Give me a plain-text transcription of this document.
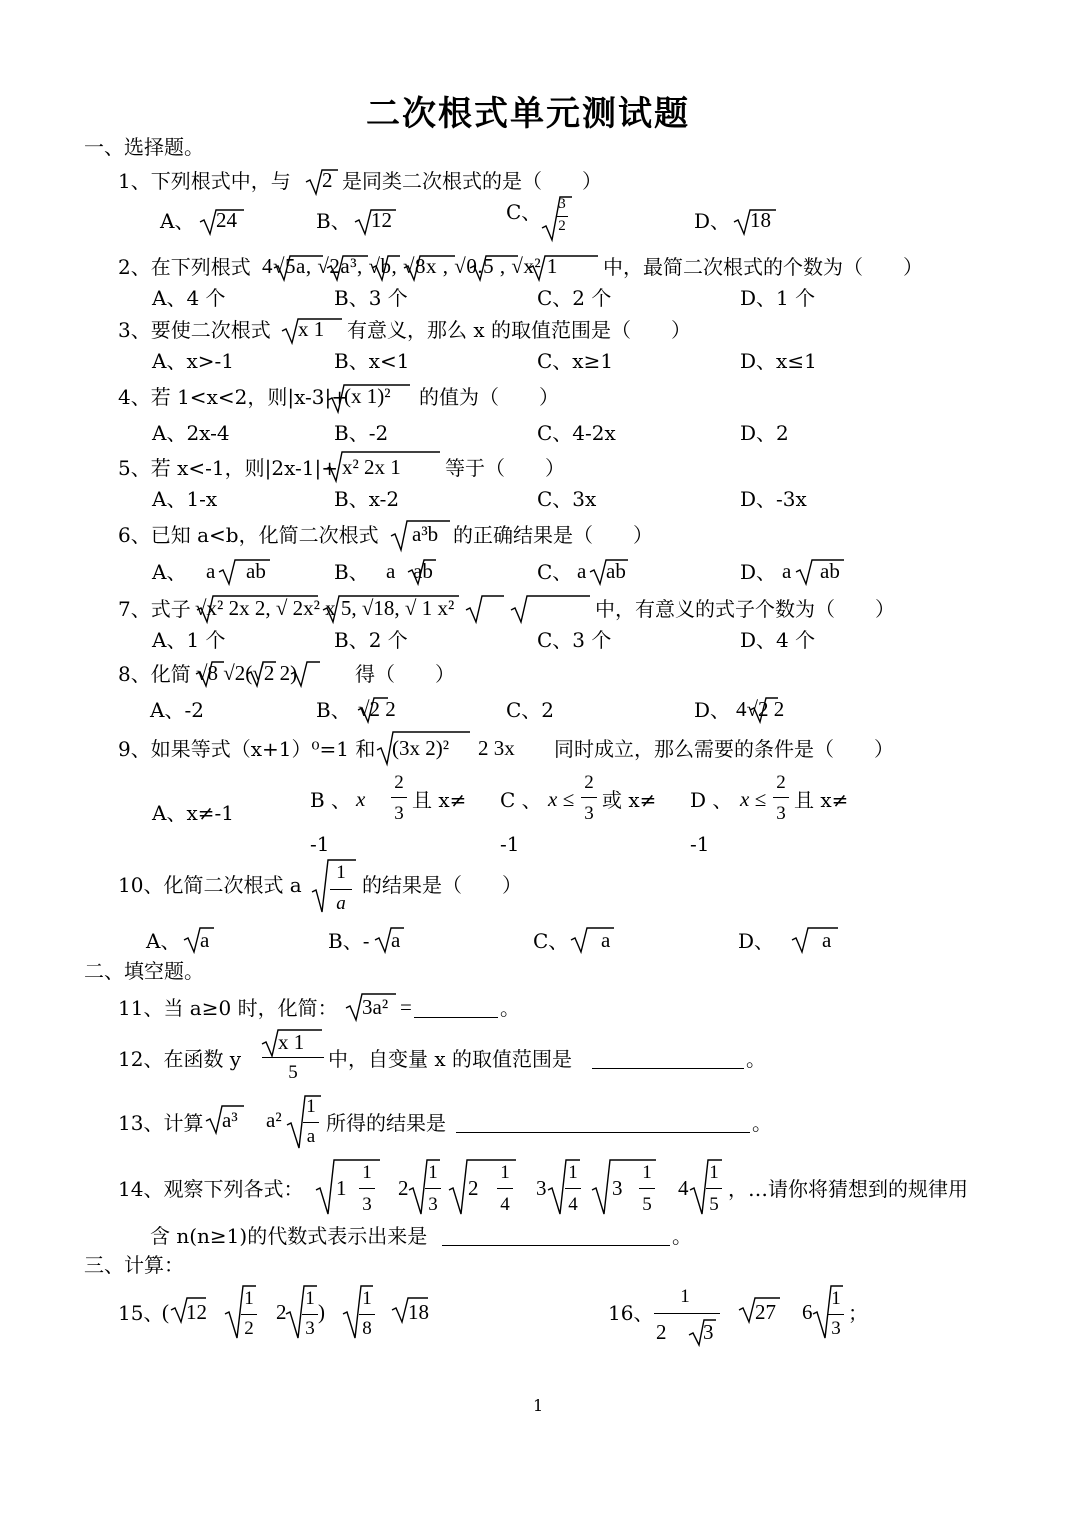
二次根式单元测试题
一、选择题。
1、下列根式中，与 2 是同类二次根式的是（　　）
A、 24	B、 12	C、 3
2	D、 18
2、在下列根式 4√5a, √2a³, √b, √8x , √0.5 , √x² 1 中，最简二次根式的个数为（　　）
A、4 个	B、3 个	C、2 个	D、1 个
3、要使二次根式 x 1 有意义，那么 x 的取值范围是（　　）
A、x>-1	B、x<1	C、x≥1	D、x≤1
4、若 1<x<2，则|x-3|+
(x 1)² 的值为（　　）
A、2x-4	B、-2	C、4-2x	D、2
5、若 x<-1，则|2x-1|+ x² 2x 1 等于（　　）
A、1-x	B、x-2	C、3x	D、-3x
6、已知 a<b，化简二次根式 a³b 的正确结果是（　　）
A、 a ab	B、 a ab	C、 a ab	D、 a ab
7、式子 √x² 2x 2, √ 2x² x 5, √18, √ 1 x²	中，有意义的式子个数为（　　）
A、1 个	B、2 个	C、3 个	D、4 个
8、化简 √8 √2(√2 2)	得（　　）
A、-2	B、 √2 2	C、2	D、 4√2 2
9、如果等式（x+1）⁰=1 和 (3x 2)² 2 3x 同时成立，那么需要的条件是（　　）
A、x≠-1
B 、 x
2
3
且 x≠
-1
C 、 x ≤
2
3
或 x≠
-1
D 、 x ≤
2
3
且 x≠
-1
10、化简二次根式 a
1
a
的结果是（　　）
A、 a	B、- a	C、 a	D、 a
二、填空题。
11、当 a≥0 时，化简： 3a² =	。
12、在函数 y
x 1
5
中，自变量 x 的取值范围是	。
13、计算 a³ a²
1
a
所得的结果是	。
14、观察下列各式： 1
1
3
2
1
3
2
1
4
3
1
4
3
1
5
4
1
5
，…请你将猜想到的规律用
含 n(n≥1)的代数式表示出来是	。
三、计算：
15、
( 12
1
2
2
1
3
)
1
8
18	16、
1
2 3
27 6
1
3
；
1
